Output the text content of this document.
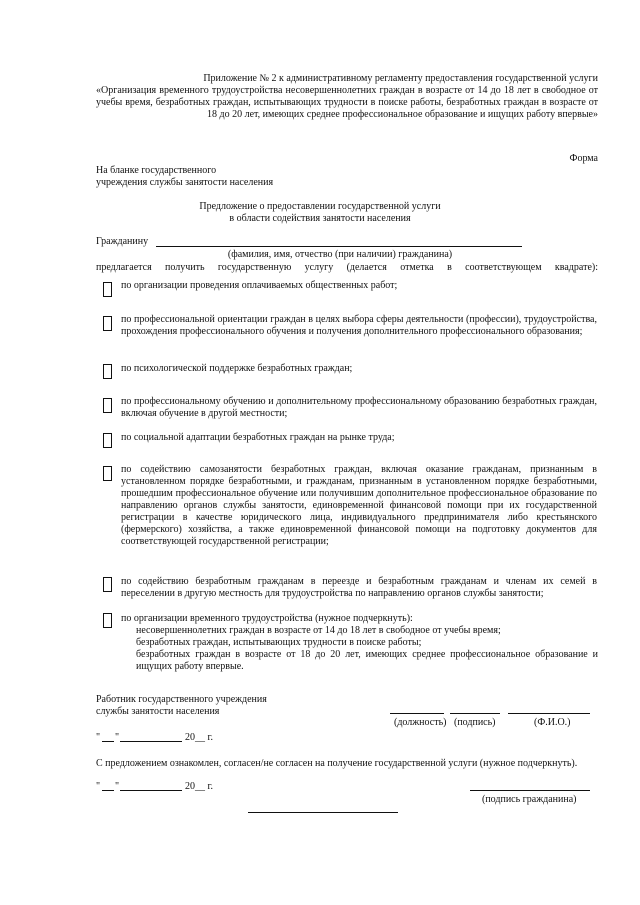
Приложение № 2 к административному регламенту предоставления государственной услуги
«Организация временного трудоустройства несовершеннолетних граждан в возрасте от 14 до 18 лет в свободное от учебы время, безработных граждан, испытывающих трудности в поиске работы, безработных граждан в возрасте от 18 до 20 лет, имеющих среднее профессиональное образование и ищущих работу впервые»
Форма
На бланке государственного
учреждения службы занятости населения
Предложение о предоставлении государственной услуги
в области содействия занятости населения
Гражданину
(фамилия, имя, отчество (при наличии) гражданина)
предлагается получить государственную услугу (делается отметка в соответствующем квадрате):
по организации проведения оплачиваемых общественных работ;
по профессиональной ориентации граждан в целях выбора сферы деятельности (профессии), трудоустройства, прохождения профессионального обучения и получения дополнительного профессионального образования;
по психологической поддержке безработных граждан;
по профессиональному обучению и дополнительному профессиональному образованию безработных граждан, включая обучение в другой местности;
по социальной адаптации безработных граждан на рынке труда;
по содействию самозанятости безработных граждан, включая оказание гражданам, признанным в установленном порядке безработными, и гражданам, признанным в установленном порядке безработными, прошедшим профессиональное обучение или получившим дополнительное профессиональное образование по направлению органов службы занятости, единовременной финансовой помощи при их государственной регистрации в качестве юридического лица, индивидуального предпринимателя либо крестьянского (фермерского) хозяйства, а также единовременной финансовой помощи на подготовку документов для соответствующей государственной регистрации;
по содействию безработным гражданам в переезде и безработным гражданам и членам их семей в переселении в другую местность для трудоустройства по направлению органов службы занятости;
по организации временного трудоустройства (нужное подчеркнуть):
несовершеннолетних граждан в возрасте от 14 до 18 лет в свободное от учебы время;
безработных граждан, испытывающих трудности в поиске работы;
безработных граждан в возрасте от 18 до 20 лет, имеющих среднее профессиональное образование и ищущих работу впервые.
Работник государственного учреждения
службы занятости населения
(должность) (подпись)	(Ф.И.О.)
" "	20__ г.
С предложением ознакомлен, согласен/не согласен на получение государственной услуги (нужное подчеркнуть).
" "	20__ г.
(подпись гражданина)
